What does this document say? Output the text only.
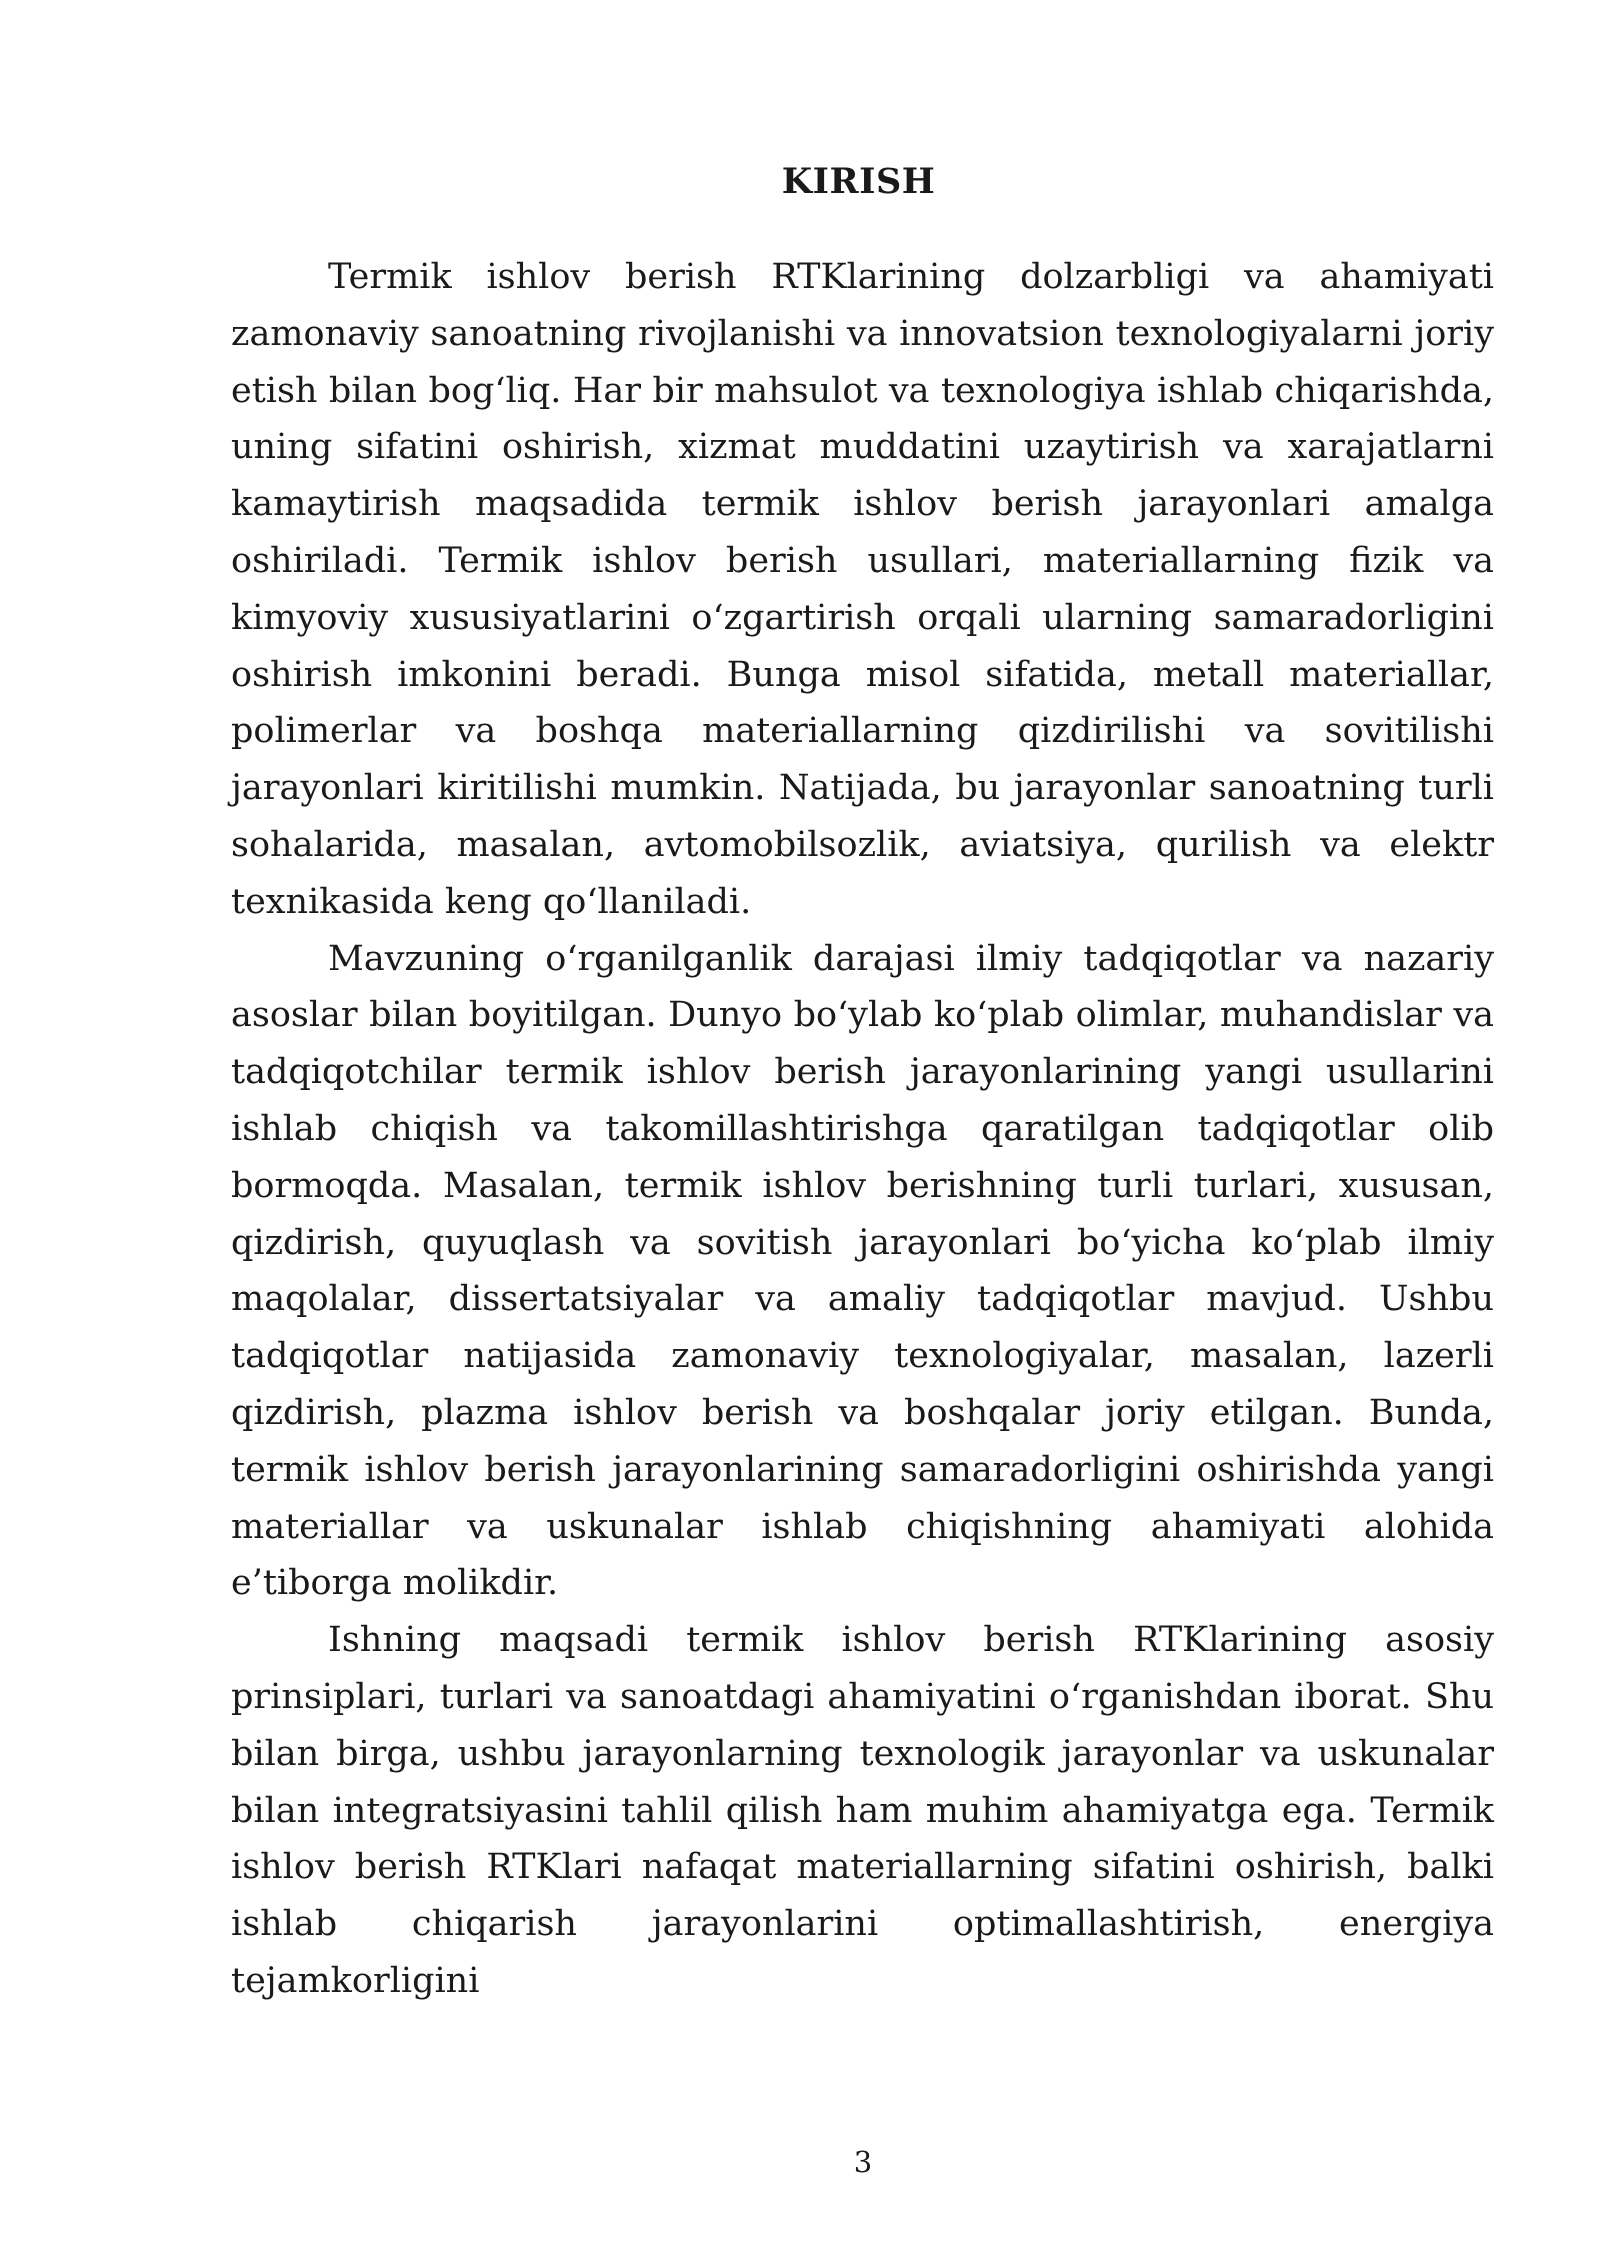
KIRISH

Termik ishlov berish RTKlarining dolzarbligi va ahamiyati zamonaviy sanoatning rivojlanishi va innovatsion texnologiyalarni joriy etish bilan bog‘liq. Har bir mahsulot va texnologiya ishlab chiqarishda, uning sifatini oshirish, xizmat muddatini uzaytirish va xarajatlarni kamaytirish maqsadida termik ishlov berish jarayonlari amalga oshiriladi. Termik ishlov berish usullari, materiallarning fizik va kimyoviy xususiyatlarini o‘zgartirish orqali ularning samaradorligini oshirish imkonini beradi. Bunga misol sifatida, metall materiallar, polimerlar va boshqa materiallarning qizdirilishi va sovitilishi jarayonlari kiritilishi mumkin. Natijada, bu jarayonlar sanoatning turli sohalarida, masalan, avtomobilsozlik, aviatsiya, qurilish va elektr texnikasida keng qo‘llaniladi.

Mavzuning o‘rganilganlik darajasi ilmiy tadqiqotlar va nazariy asoslar bilan boyitilgan. Dunyo bo‘ylab ko‘plab olimlar, muhandislar va tadqiqotchilar termik ishlov berish jarayonlarining yangi usullarini ishlab chiqish va takomillashtirishga qaratilgan tadqiqotlar olib bormoqda. Masalan, termik ishlov berishning turli turlari, xususan, qizdirish, quyuqlash va sovitish jarayonlari bo‘yicha ko‘plab ilmiy maqolalar, dissertatsiyalar va amaliy tadqiqotlar mavjud. Ushbu tadqiqotlar natijasida zamonaviy texnologiyalar, masalan, lazerli qizdirish, plazma ishlov berish va boshqalar joriy etilgan. Bunda, termik ishlov berish jarayonlarining samaradorligini oshirishda yangi materiallar va uskunalar ishlab chiqishning ahamiyati alohida e’tiborga molikdir.

Ishning maqsadi termik ishlov berish RTKlarining asosiy prinsiplari, turlari va sanoatdagi ahamiyatini o‘rganishdan iborat. Shu bilan birga, ushbu jarayonlarning texnologik jarayonlar va uskunalar bilan integratsiyasini tahlil qilish ham muhim ahamiyatga ega. Termik ishlov berish RTKlari nafaqat materiallarning sifatini oshirish, balki ishlab chiqarish jarayonlarini optimallashtirish, energiya tejamkorligini

3
